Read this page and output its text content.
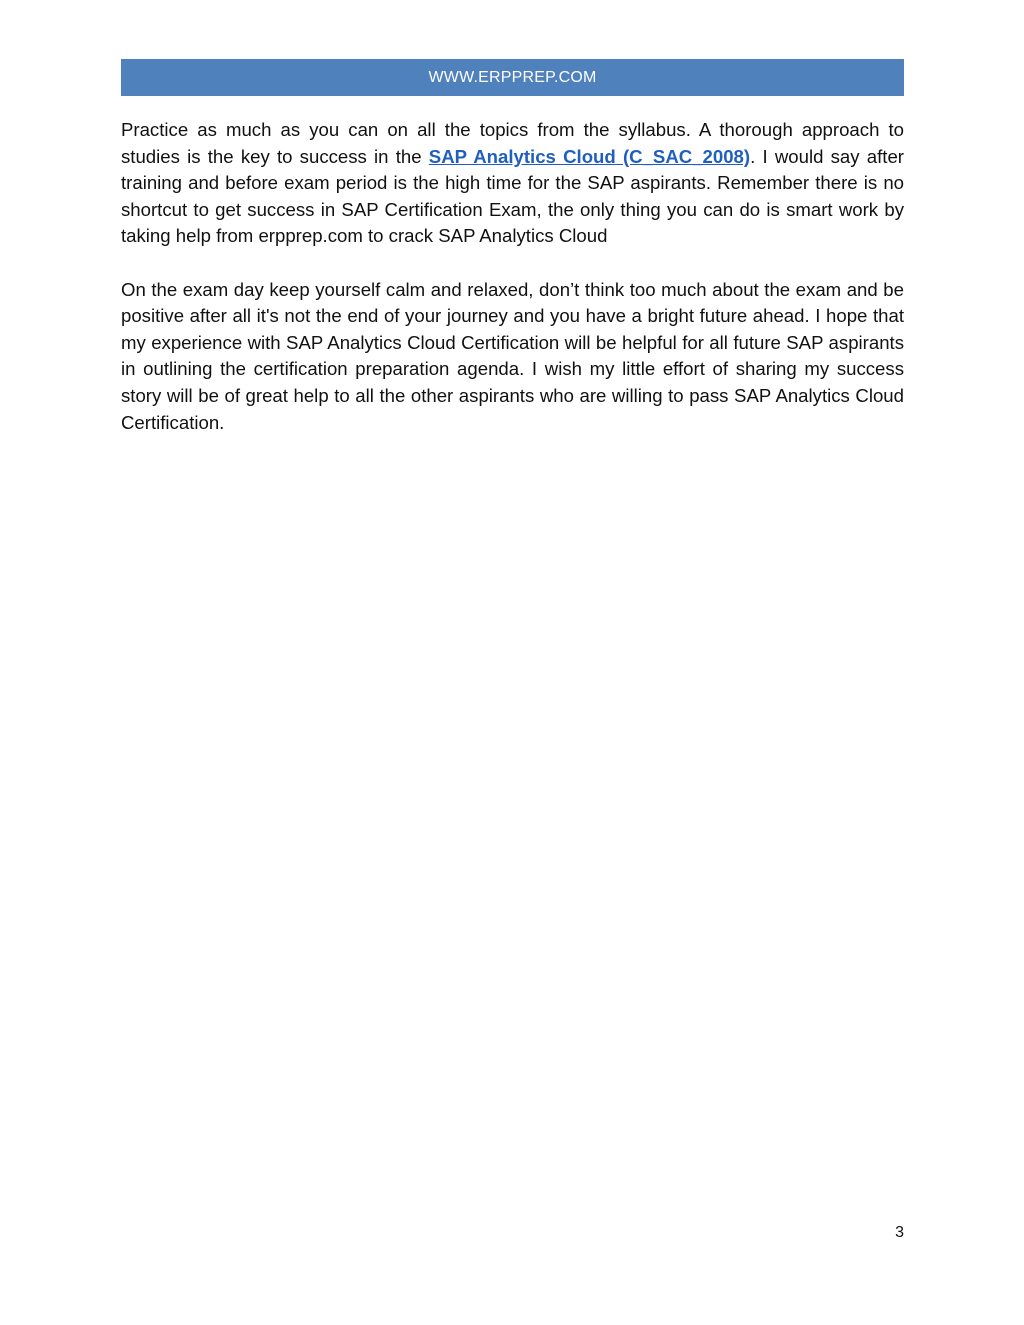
WWW.ERPPREP.COM

Practice as much as you can on all the topics from the syllabus. A thorough approach to studies is the key to success in the SAP Analytics Cloud (C_SAC_2008). I would say after training and before exam period is the high time for the SAP aspirants. Remember there is no shortcut to get success in SAP Certification Exam, the only thing you can do is smart work by taking help from erpprep.com to crack SAP Analytics Cloud

On the exam day keep yourself calm and relaxed, don’t think too much about the exam and be positive after all it's not the end of your journey and you have a bright future ahead. I hope that my experience with SAP Analytics Cloud Certification will be helpful for all future SAP aspirants in outlining the certification preparation agenda. I wish my little effort of sharing my success story will be of great help to all the other aspirants who are willing to pass SAP Analytics Cloud Certification.

3
